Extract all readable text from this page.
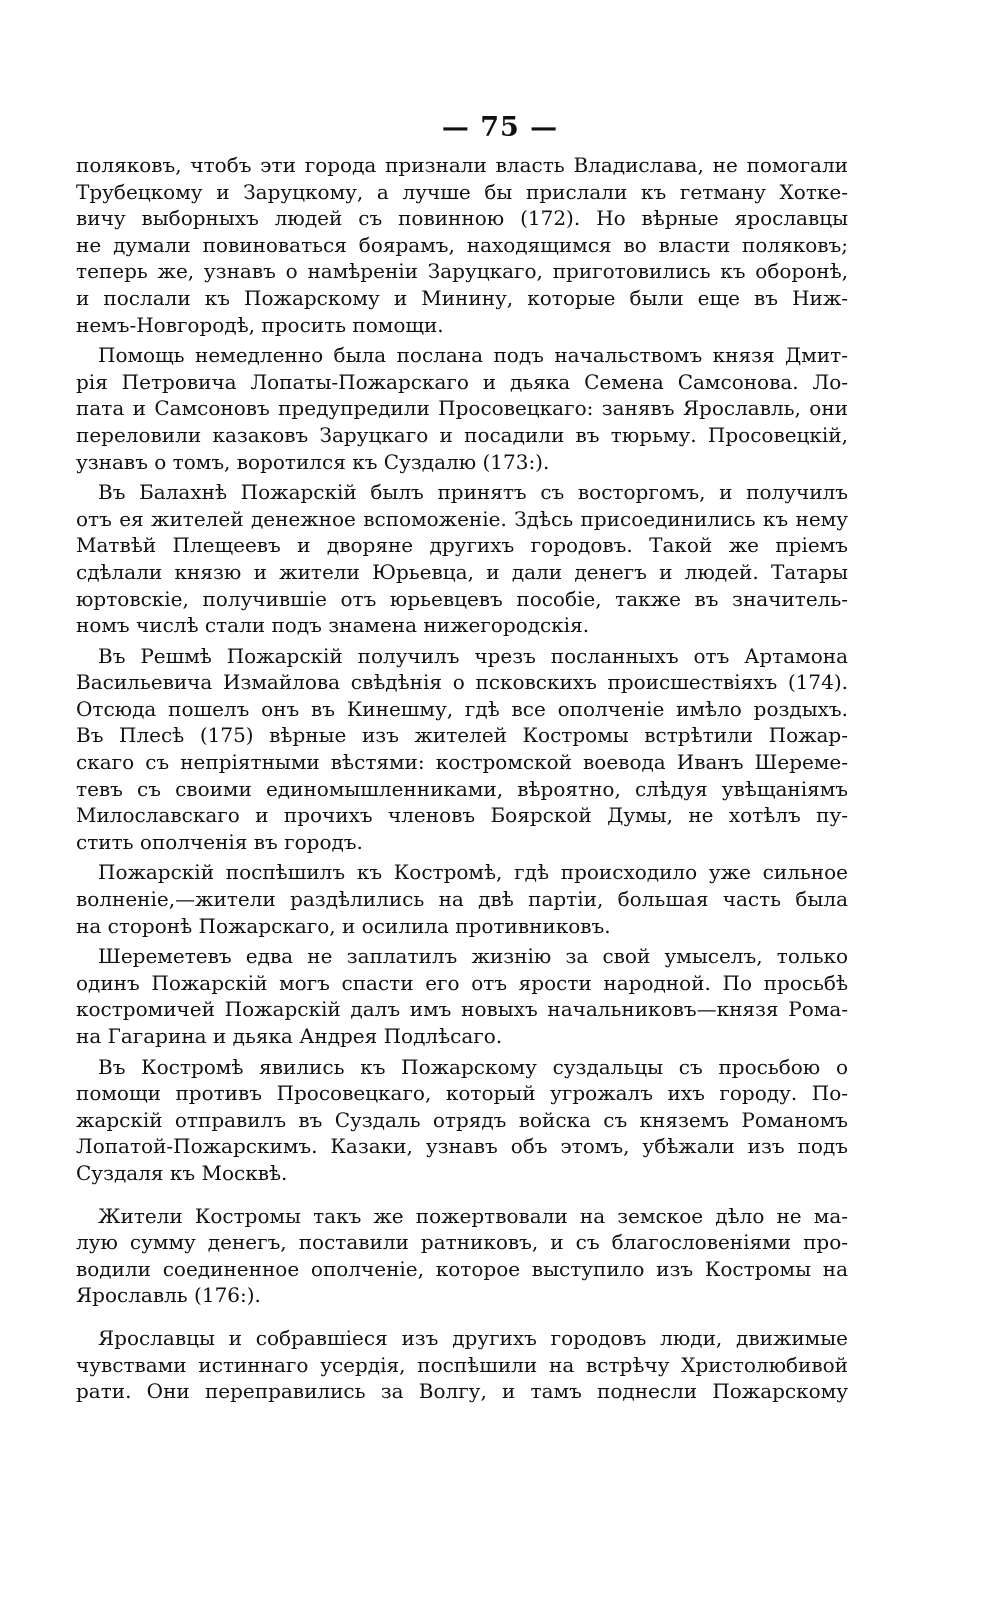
— 75 —
поляковъ, чтобъ эти города признали власть Владислава, не помогали
Трубецкому и Заруцкому, а лучше бы прислали къ гетману Хотке-
вичу выборныхъ людей съ повинною (172). Но вѣрные ярославцы
не думали повиноваться боярамъ, находящимся во власти поляковъ;
теперь же, узнавъ о намѣреніи Заруцкаго, приготовились къ оборонѣ,
и послали къ Пожарскому и Минину, которые были еще въ Ниж-
немъ-Новгородѣ, просить помощи.
Помощь немедленно была послана подъ начальствомъ князя Дмит-
рія Петровича Лопаты-Пожарскаго и дьяка Семена Самсонова. Ло-
пата и Самсоновъ предупредили Просовецкаго: занявъ Ярославль, они
переловили казаковъ Заруцкаго и посадили въ тюрьму. Просовецкій,
узнавъ о томъ, воротился къ Суздалю (173:).
Въ Балахнѣ Пожарскій былъ принятъ съ восторгомъ, и получилъ
отъ ея жителей денежное вспоможеніе. Здѣсь присоединились къ нему
Матвѣй Плещеевъ и дворяне другихъ городовъ. Такой же пріемъ
сдѣлали князю и жители Юрьевца, и дали денегъ и людей. Татары
юртовскіе, получившіе отъ юрьевцевъ пособіе, также въ значитель-
номъ числѣ стали подъ знамена нижегородскія.
Въ Решмѣ Пожарскій получилъ чрезъ посланныхъ отъ Артамона
Васильевича Измайлова свѣдѣнія о псковскихъ происшествіяхъ (174).
Отсюда пошелъ онъ въ Кинешму, гдѣ все ополченіе имѣло роздыхъ.
Въ Плесѣ (175) вѣрные изъ жителей Костромы встрѣтили Пожар-
скаго съ непріятными вѣстями: костромской воевода Иванъ Шереме-
тевъ съ своими единомышленниками, вѣроятно, слѣдуя увѣщаніямъ
Милославскаго и прочихъ членовъ Боярской Думы, не хотѣлъ пу-
стить ополченія въ городъ.
Пожарскій поспѣшилъ къ Костромѣ, гдѣ происходило уже сильное
волненіе,—жители раздѣлились на двѣ партіи, большая часть была
на сторонѣ Пожарскаго, и осилила противниковъ.
Шереметевъ едва не заплатилъ жизнію за свой умыселъ, только
одинъ Пожарскій могъ спасти его отъ ярости народной. По просьбѣ
костромичей Пожарскій далъ имъ новыхъ начальниковъ—князя Рома-
на Гагарина и дьяка Андрея Подлѣсаго.
Въ Костромѣ явились къ Пожарскому суздальцы съ просьбою о
помощи противъ Просовецкаго, который угрожалъ ихъ городу. По-
жарскій отправилъ въ Суздаль отрядъ войска съ княземъ Романомъ
Лопатой-Пожарскимъ. Казаки, узнавъ объ этомъ, убѣжали изъ подъ
Суздаля къ Москвѣ.
Жители Костромы такъ же пожертвовали на земское дѣло не ма-
лую сумму денегъ, поставили ратниковъ, и съ благословеніями про-
водили соединенное ополченіе, которое выступило изъ Костромы на
Ярославль (176:).
Ярославцы и собравшіеся изъ другихъ городовъ люди, движимые
чувствами истиннаго усердія, поспѣшили на встрѣчу Христолюбивой
рати. Они переправились за Волгу, и тамъ поднесли Пожарскому
